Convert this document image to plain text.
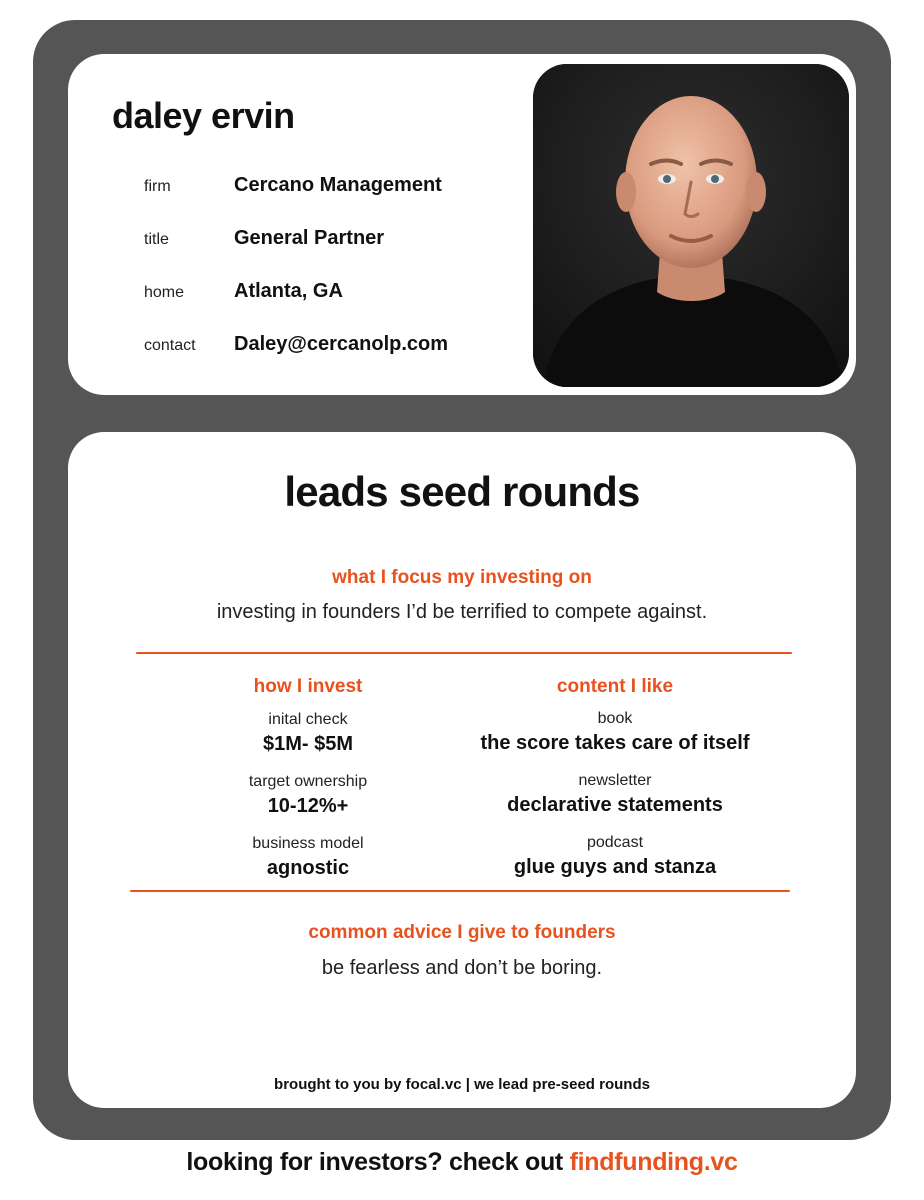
daley ervin
firm	Cercano Management
title	General Partner
home Atlanta, GA
contact Daley@cercanolp.com
leads seed rounds
what I focus my investing on
investing in founders I’d be terrified to compete against.
how I invest
inital check
$1M- $5M
target ownership
10-12%+
business model
agnostic
content I like
book
the score takes care of itself
newsletter
declarative statements
podcast
glue guys and stanza
common advice I give to founders
be fearless and don’t be boring.
brought to you by focal.vc | we lead pre-seed rounds
looking for investors? check out findfunding.vc
